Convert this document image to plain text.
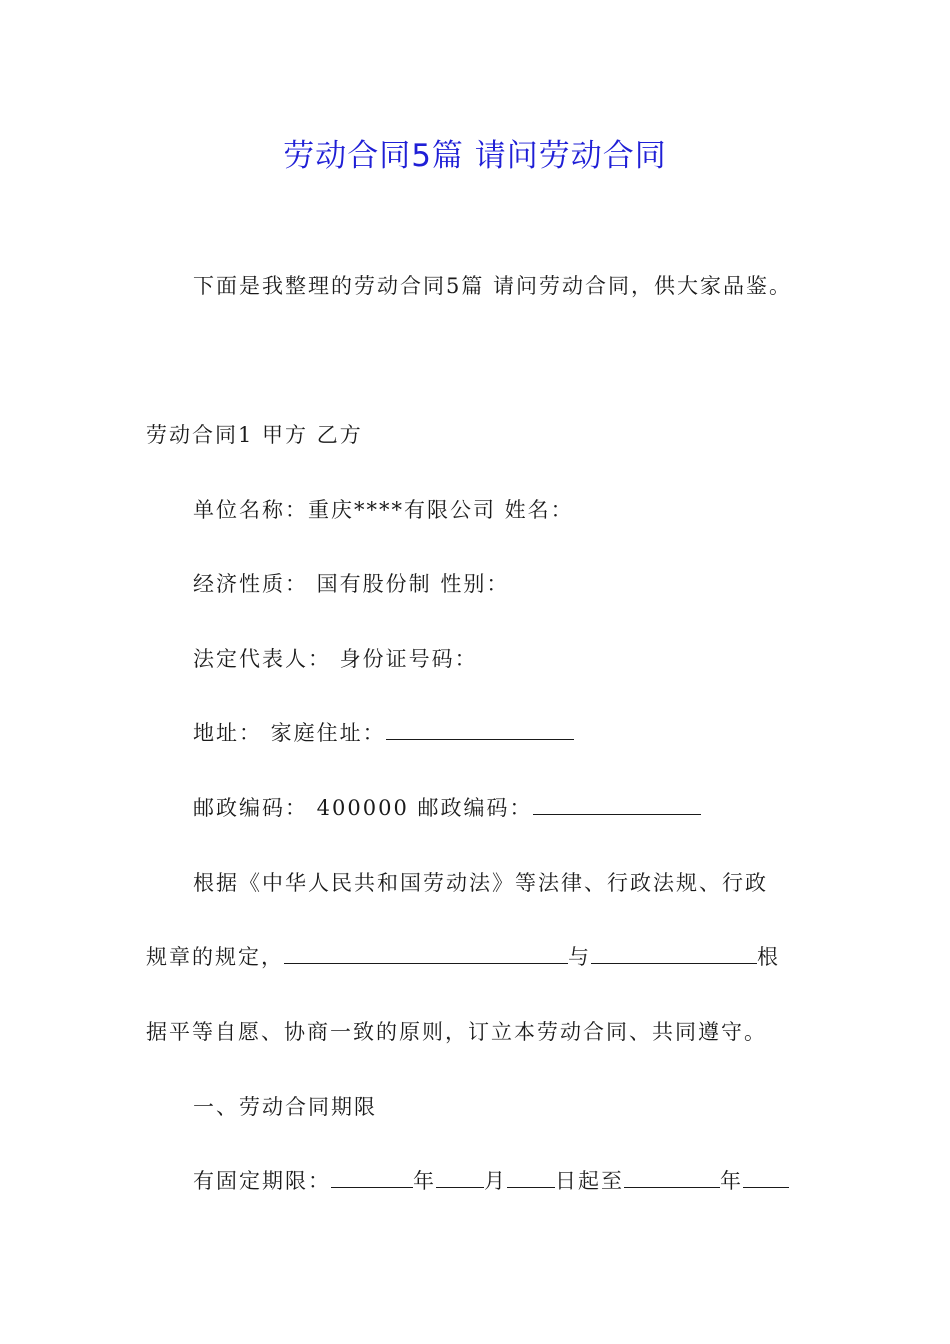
劳动合同5篇 请问劳动合同
下面是我整理的劳动合同5篇 请问劳动合同，供大家品鉴。
劳动合同1 甲方 乙方
单位名称：重庆****有限公司 姓名：
经济性质： 国有股份制 性别：
法定代表人： 身份证号码：
地址： 家庭住址：
邮政编码： 400000 邮政编码：
根据《中华人民共和国劳动法》等法律、行政法规、行政
规章的规定，	与	根
据平等自愿、协商一致的原则，订立本劳动合同、共同遵守。
一、劳动合同期限
有固定期限：	年 月 日起至	年
